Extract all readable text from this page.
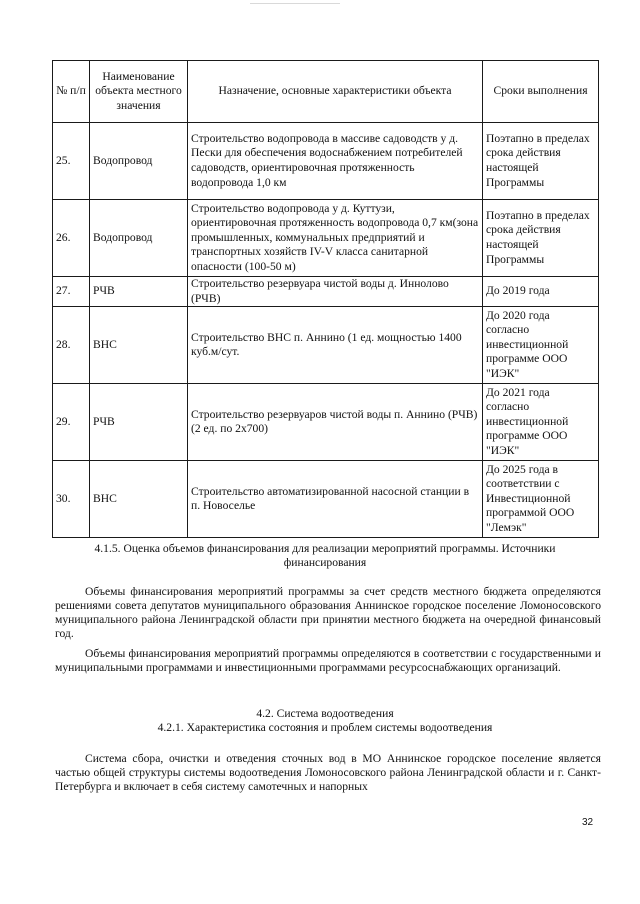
№ п/п	Наименование объекта местного значения	Назначение, основные характеристики объекта	Сроки выполнения
25.	Водопровод	Строительство водопровода в массиве садоводств у д. Пески для обеспечения водоснабжением потребителей садоводств, ориентировочная протяженность водопровода 1,0 км	Поэтапно в пределах срока действия настоящей Программы
26.	Водопровод	Строительство водопровода у д. Куттузи, ориентировочная протяженность водопровода 0,7 км(зона промышленных, коммунальных предприятий и транспортных хозяйств IV-V класса санитарной опасности (100-50 м)	Поэтапно в пределах срока действия настоящей Программы
27.	РЧВ	Строительство резервуара чистой воды д. Иннолово (РЧВ)	До 2019 года
28.	ВНС	Строительство ВНС п. Аннино (1 ед. мощностью 1400 куб.м/сут.	До 2020 года согласно инвестиционной программе ООО "ИЭК"
29.	РЧВ	Строительство резервуаров чистой воды п. Аннино (РЧВ) (2 ед. по 2х700)	До 2021 года согласно инвестиционной программе ООО "ИЭК"
30.	ВНС	Строительство автоматизированной насосной станции в п. Новоселье	До 2025 года в соответствии с Инвестиционной программой ООО "Лемэк"
4.1.5. Оценка объемов финансирования для реализации мероприятий программы. Источники финансирования
Объемы финансирования мероприятий программы за счет средств местного бюджета определяются решениями совета депутатов муниципального образования Аннинское городское поселение Ломоносовского муниципального района Ленинградской области при принятии местного бюджета на очередной финансовый год.
Объемы финансирования мероприятий программы определяются в соответствии с государственными и муниципальными программами и инвестиционными программами ресурсоснабжающих организаций.
4.2. Система водоотведения
4.2.1. Характеристика состояния и проблем системы водоотведения
Система сбора, очистки и отведения сточных вод в МО Аннинское городское поселение является частью общей структуры системы водоотведения Ломоносовского района Ленинградской области и г. Санкт-Петербурга и включает в себя систему самотечных и напорных
32
